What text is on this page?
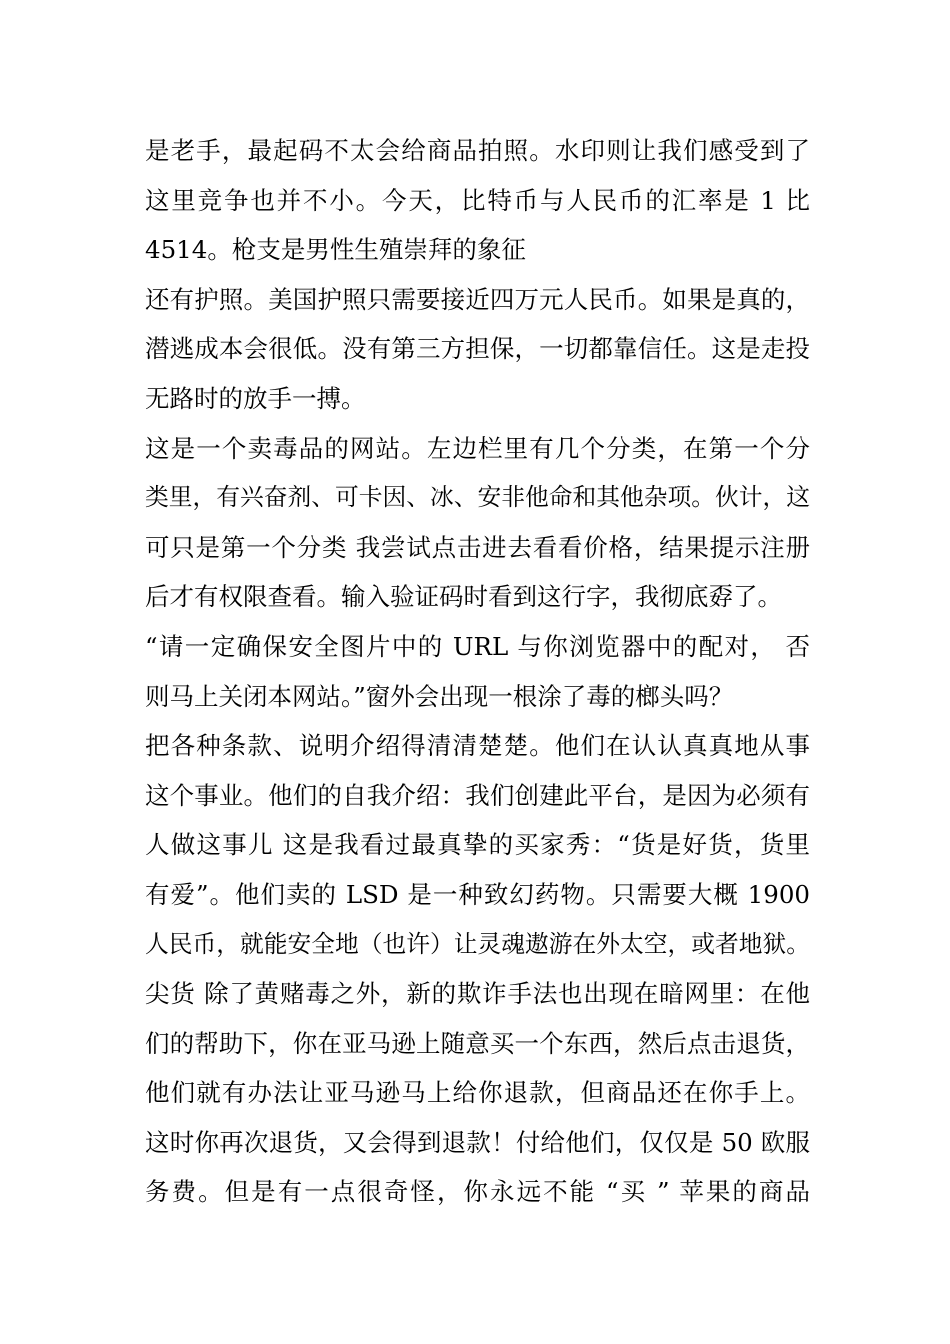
是老手，最起码不太会给商品拍照。水印则让我们感受到了
这里竞争也并不小。今天，比特币与人民币的汇率是 1 比
4514。枪支是男性生殖崇拜的象征
还有护照。美国护照只需要接近四万元人民币。如果是真的，
潜逃成本会很低。没有第三方担保，一切都靠信任。这是走投
无路时的放手一搏。
这是一个卖毒品的网站。左边栏里有几个分类，在第一个分
类里，有兴奋剂、可卡因、冰、安非他命和其他杂项。伙计，这
可只是第一个分类 我尝试点击进去看看价格，结果提示注册
后才有权限查看。输入验证码时看到这行字，我彻底孬了。
“请一定确保安全图片中的 URL 与你浏览器中的配对， 否
则马上关闭本网站。”窗外会出现一根涂了毒的榔头吗？
把各种条款、说明介绍得清清楚楚。他们在认认真真地从事
这个事业。他们的自我介绍：我们创建此平台，是因为必须有
人做这事儿 这是我看过最真挚的买家秀：“货是好货，货里
有爱”。他们卖的 LSD 是一种致幻药物。只需要大概 1900
人民币，就能安全地（也许）让灵魂遨游在外太空，或者地狱。
尖货 除了黄赌毒之外，新的欺诈手法也出现在暗网里：在他
们的帮助下，你在亚马逊上随意买一个东西，然后点击退货，
他们就有办法让亚马逊马上给你退款，但商品还在你手上。
这时你再次退货，又会得到退款！付给他们，仅仅是 50 欧服
务费。但是有一点很奇怪，你永远不能 “买 ” 苹果的商品
